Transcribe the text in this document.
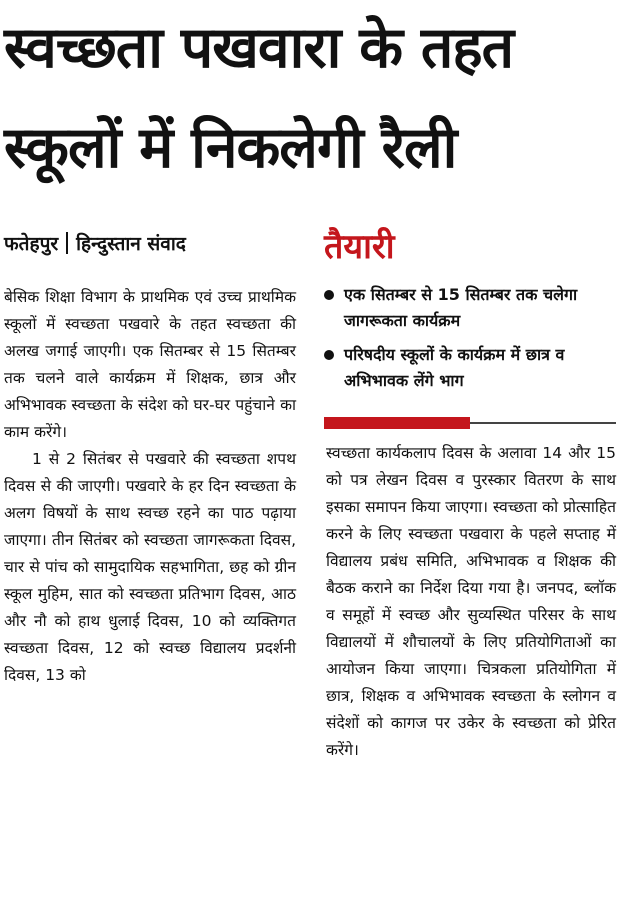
स्वच्छता पखवारा के तहत
स्कूलों में निकलेगी रैली
फतेहपुर हिन्दुस्तान संवाद	तैयारी
एक सितम्बर से 15 सितम्बर तक चलेगा जागरूकता कार्यक्रम
परिषदीय स्कूलों के कार्यक्रम में छात्र व अभिभावक लेंगे भाग

बेसिक शिक्षा विभाग के प्राथमिक एवं उच्च प्राथमिक स्कूलों में स्वच्छता पखवारे के तहत स्वच्छता की अलख जगाई जाएगी। एक सितम्बर से 15 सितम्बर तक चलने वाले कार्यक्रम में शिक्षक, छात्र और अभिभावक स्वच्छता के संदेश को घर-घर पहुंचाने का काम करेंगे।

1 से 2 सितंबर से पखवारे की स्वच्छता शपथ दिवस से की जाएगी। पखवारे के हर दिन स्वच्छता के अलग विषयों के साथ स्वच्छ रहने का पाठ पढ़ाया जाएगा। तीन सितंबर को स्वच्छता जागरूकता दिवस, चार से पांच को सामुदायिक सहभागिता, छह को ग्रीन स्कूल मुहिम, सात को स्वच्छता प्रतिभाग दिवस, आठ और नौ को हाथ धुलाई दिवस, 10 को व्यक्तिगत स्वच्छता दिवस, 12 को स्वच्छ विद्यालय प्रदर्शनी दिवस, 13 को

स्वच्छता कार्यकलाप दिवस के अलावा 14 और 15 को पत्र लेखन दिवस व पुरस्कार वितरण के साथ इसका समापन किया जाएगा। स्वच्छता को प्रोत्साहित करने के लिए स्वच्छता पखवारा के पहले सप्ताह में विद्यालय प्रबंध समिति, अभिभावक व शिक्षक की बैठक कराने का निर्देश दिया गया है। जनपद, ब्लॉक व समूहों में स्वच्छ और सुव्यस्थित परिसर के साथ विद्यालयों में शौचालयों के लिए प्रतियोगिताओं का आयोजन किया जाएगा। चित्रकला प्रतियोगिता में छात्र, शिक्षक व अभिभावक स्वच्छता के स्लोगन व संदेशों को कागज पर उकेर के स्वच्छता को प्रेरित करेंगे।
